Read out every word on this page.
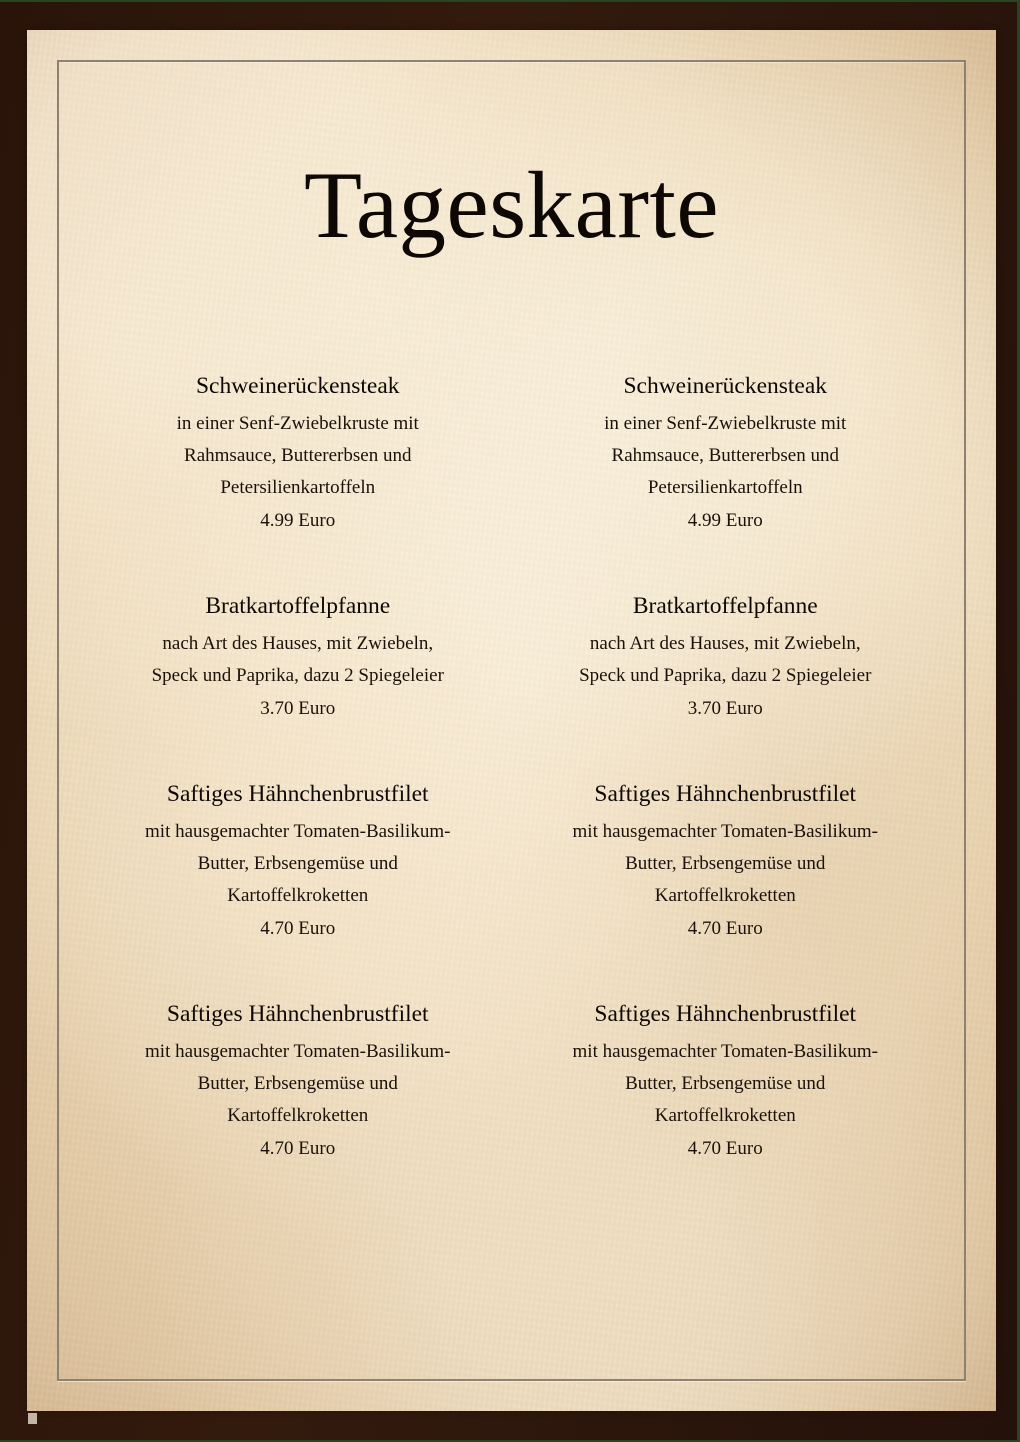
Tageskarte
Schweinerückensteak
in einer Senf-Zwiebelkruste mit
Rahmsauce, Buttererbsen und
Petersilienkartoffeln
4.99 Euro
Schweinerückensteak
in einer Senf-Zwiebelkruste mit
Rahmsauce, Buttererbsen und
Petersilienkartoffeln
4.99 Euro
Bratkartoffelpfanne
nach Art des Hauses, mit Zwiebeln,
Speck und Paprika, dazu 2 Spiegeleier
3.70 Euro
Bratkartoffelpfanne
nach Art des Hauses, mit Zwiebeln,
Speck und Paprika, dazu 2 Spiegeleier
3.70 Euro
Saftiges Hähnchenbrustfilet
mit hausgemachter Tomaten-Basilikum-
Butter, Erbsengemüse und
Kartoffelkroketten
4.70 Euro
Saftiges Hähnchenbrustfilet
mit hausgemachter Tomaten-Basilikum-
Butter, Erbsengemüse und
Kartoffelkroketten
4.70 Euro
Saftiges Hähnchenbrustfilet
mit hausgemachter Tomaten-Basilikum-
Butter, Erbsengemüse und
Kartoffelkroketten
4.70 Euro
Saftiges Hähnchenbrustfilet
mit hausgemachter Tomaten-Basilikum-
Butter, Erbsengemüse und
Kartoffelkroketten
4.70 Euro
